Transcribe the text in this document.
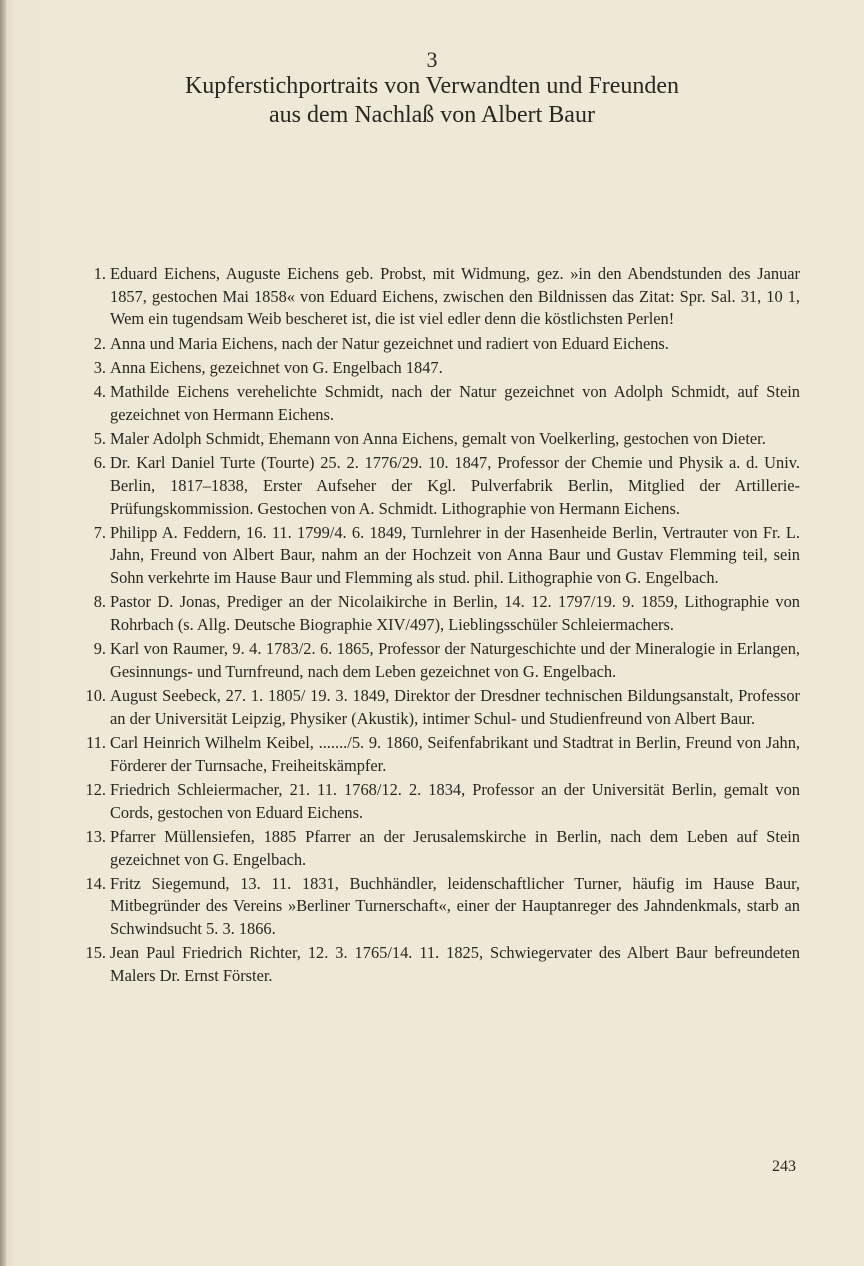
3

Kupferstichportraits von Verwandten und Freunden

aus dem Nachlaß von Albert Baur

1. Eduard Eichens, Auguste Eichens geb. Probst, mit Widmung, gez. »in den Abendstunden des Januar 1857, gestochen Mai 1858« von Eduard Eichens, zwischen den Bildnissen das Zitat: Spr. Sal. 31, 10 1, Wem ein tugendsam Weib bescheret ist, die ist viel edler denn die köstlichsten Perlen!
2. Anna und Maria Eichens, nach der Natur gezeichnet und radiert von Eduard Eichens.
3. Anna Eichens, gezeichnet von G. Engelbach 1847.
4. Mathilde Eichens verehelichte Schmidt, nach der Natur gezeichnet von Adolph Schmidt, auf Stein gezeichnet von Hermann Eichens.
5. Maler Adolph Schmidt, Ehemann von Anna Eichens, gemalt von Voelkerling, gestochen von Dieter.
6. Dr. Karl Daniel Turte (Tourte) 25. 2. 1776/29. 10. 1847, Professor der Chemie und Physik a. d. Univ. Berlin, 1817–1838, Erster Aufseher der Kgl. Pulverfabrik Berlin, Mitglied der Artillerie-Prüfungskommission. Gestochen von A. Schmidt. Lithographie von Hermann Eichens.
7. Philipp A. Feddern, 16. 11. 1799/4. 6. 1849, Turnlehrer in der Hasenheide Berlin, Vertrauter von Fr. L. Jahn, Freund von Albert Baur, nahm an der Hochzeit von Anna Baur und Gustav Flemming teil, sein Sohn verkehrte im Hause Baur und Flemming als stud. phil. Lithographie von G. Engelbach.
8. Pastor D. Jonas, Prediger an der Nicolaikirche in Berlin, 14. 12. 1797/19. 9. 1859, Lithographie von Rohrbach (s. Allg. Deutsche Biographie XIV/497), Lieblingsschüler Schleiermachers.
9. Karl von Raumer, 9. 4. 1783/2. 6. 1865, Professor der Naturgeschichte und der Mineralogie in Erlangen, Gesinnungs- und Turnfreund, nach dem Leben gezeichnet von G. Engelbach.
10. August Seebeck, 27. 1. 1805/ 19. 3. 1849, Direktor der Dresdner technischen Bildungsanstalt, Professor an der Universität Leipzig, Physiker (Akustik), intimer Schul- und Studienfreund von Albert Baur.
11. Carl Heinrich Wilhelm Keibel, ......./5. 9. 1860, Seifenfabrikant und Stadtrat in Berlin, Freund von Jahn, Förderer der Turnsache, Freiheitskämpfer.
12. Friedrich Schleiermacher, 21. 11. 1768/12. 2. 1834, Professor an der Universität Berlin, gemalt von Cords, gestochen von Eduard Eichens.
13. Pfarrer Müllensiefen, 1885 Pfarrer an der Jerusalemskirche in Berlin, nach dem Leben auf Stein gezeichnet von G. Engelbach.
14. Fritz Siegemund, 13. 11. 1831, Buchhändler, leidenschaftlicher Turner, häufig im Hause Baur, Mitbegründer des Vereins »Berliner Turnerschaft«, einer der Hauptanreger des Jahndenkmals, starb an Schwindsucht 5. 3. 1866.
15. Jean Paul Friedrich Richter, 12. 3. 1765/14. 11. 1825, Schwiegervater des Albert Baur befreundeten Malers Dr. Ernst Förster.
243
